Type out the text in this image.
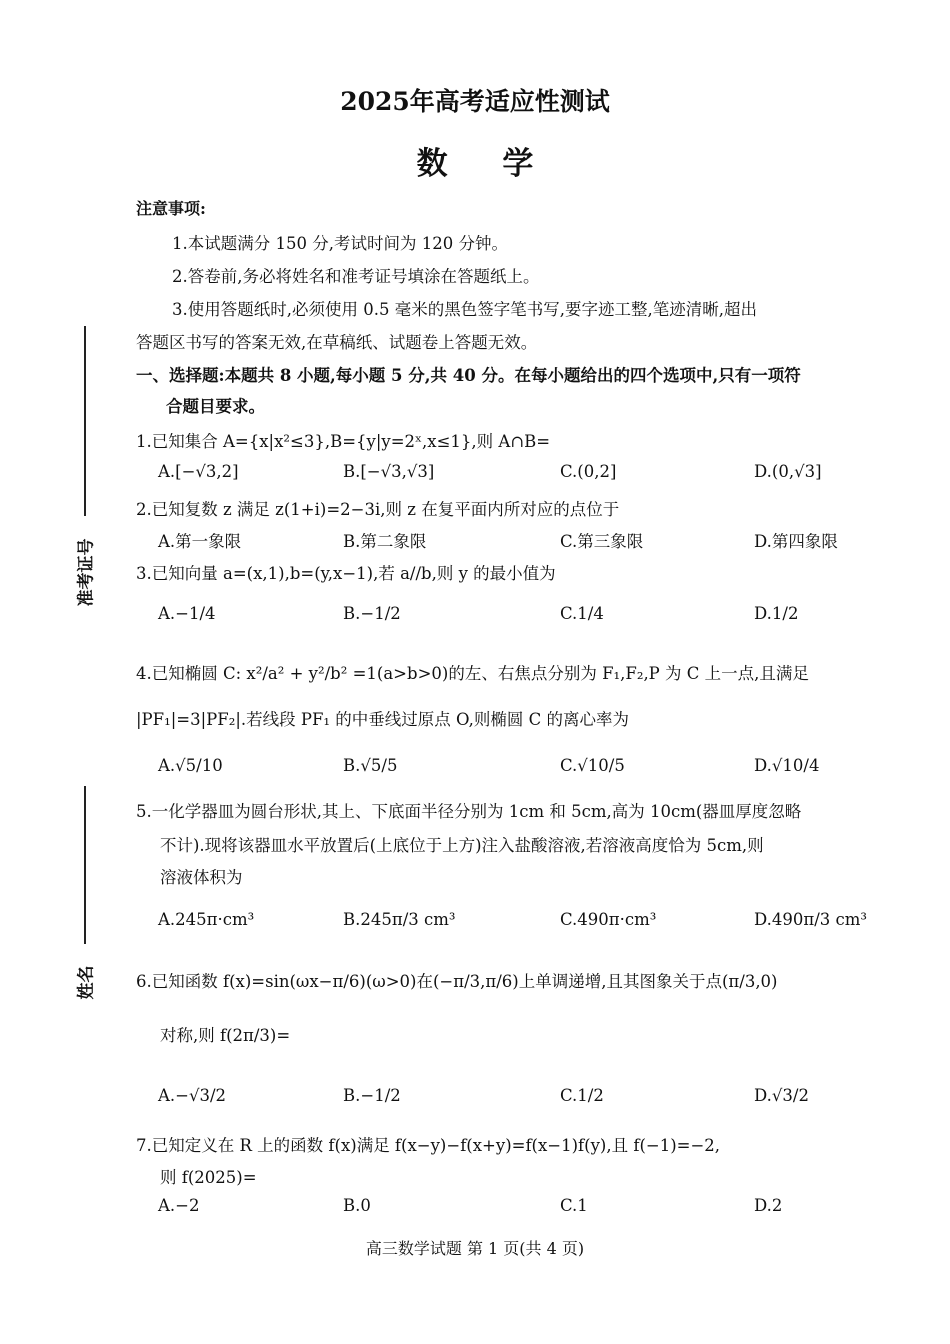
2025年高考适应性测试
数 学
准考证号
姓名
注意事项:
1.本试题满分 150 分,考试时间为 120 分钟。
2.答卷前,务必将姓名和准考证号填涂在答题纸上。
3.使用答题纸时,必须使用 0.5 毫米的黑色签字笔书写,要字迹工整,笔迹清晰,超出
答题区书写的答案无效,在草稿纸、试题卷上答题无效。
一、选择题:本题共 8 小题,每小题 5 分,共 40 分。在每小题给出的四个选项中,只有一项符
合题目要求。
1.已知集合 A={x|x²≤3},B={y|y=2ˣ,x≤1},则 A∩B=
A.[−√3,2]	B.[−√3,√3]	C.(0,2]	D.(0,√3]
2.已知复数 z 满足 z(1+i)=2−3i,则 z 在复平面内所对应的点位于
A.第一象限	B.第二象限	C.第三象限	D.第四象限
3.已知向量 a=(x,1),b=(y,x−1),若 a//b,则 y 的最小值为
A.−1/4	B.−1/2	C.1/4	D.1/2
4.已知椭圆 C: x²/a² + y²/b² =1(a>b>0)的左、右焦点分别为 F₁,F₂,P 为 C 上一点,且满足
|PF₁|=3|PF₂|.若线段 PF₁ 的中垂线过原点 O,则椭圆 C 的离心率为
A.√5/10	B.√5/5	C.√10/5	D.√10/4
5.一化学器皿为圆台形状,其上、下底面半径分别为 1cm 和 5cm,高为 10cm(器皿厚度忽略
不计).现将该器皿水平放置后(上底位于上方)注入盐酸溶液,若溶液高度恰为 5cm,则
溶液体积为
A.245π·cm³	B.245π/3 cm³	C.490π·cm³	D.490π/3 cm³
6.已知函数 f(x)=sin(ωx−π/6)(ω>0)在(−π/3,π/6)上单调递增,且其图象关于点(π/3,0)
对称,则 f(2π/3)=
A.−√3/2	B.−1/2	C.1/2	D.√3/2
7.已知定义在 R 上的函数 f(x)满足 f(x−y)−f(x+y)=f(x−1)f(y),且 f(−1)=−2,
则 f(2025)=
A.−2	B.0	C.1	D.2
高三数学试题 第 1 页(共 4 页)
